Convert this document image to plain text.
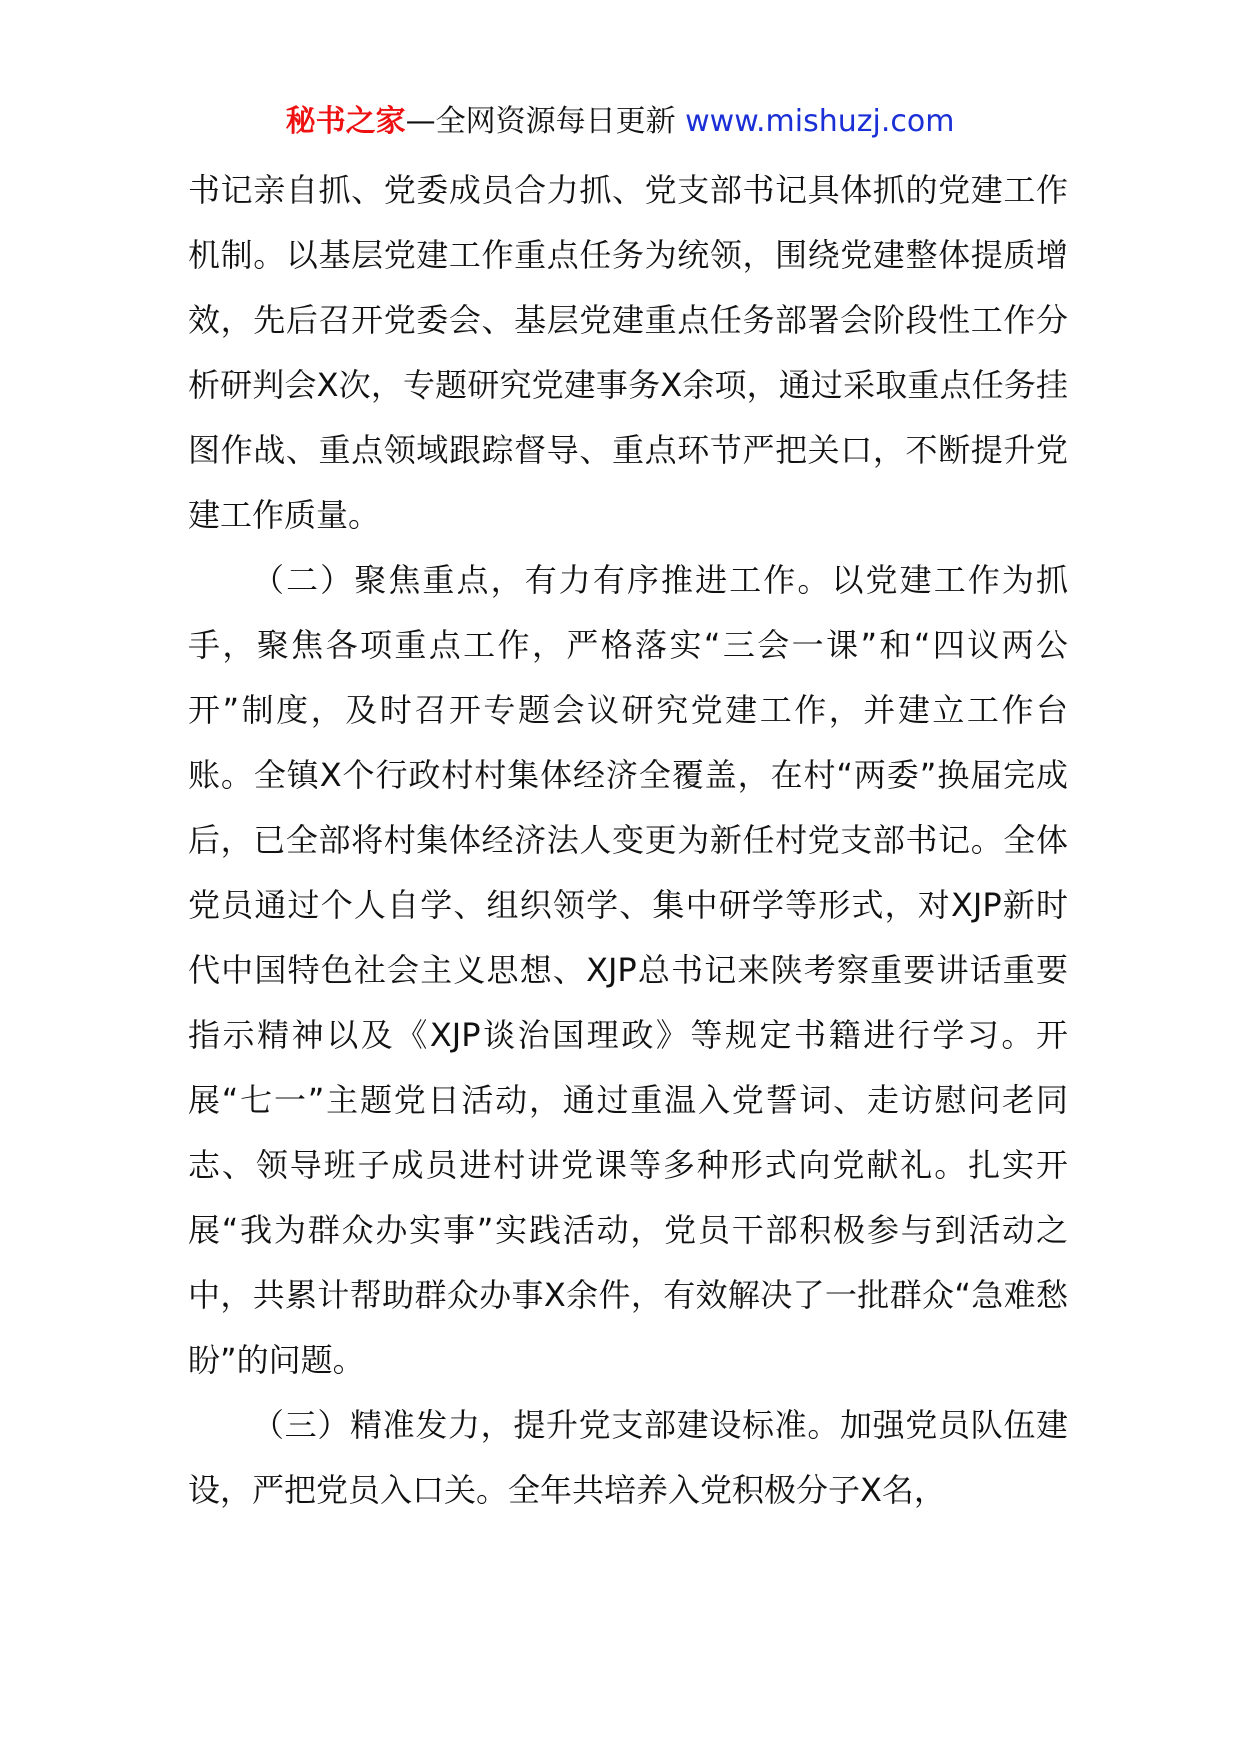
秘书之家—全网资源每日更新 www.mishuzj.com

书记亲自抓、党委成员合力抓、党支部书记具体抓的党建工作机制。以基层党建工作重点任务为统领，围绕党建整体提质增效，先后召开党委会、基层党建重点任务部署会阶段性工作分析研判会X次，专题研究党建事务X余项，通过采取重点任务挂图作战、重点领域跟踪督导、重点环节严把关口，不断提升党建工作质量。

（二）聚焦重点，有力有序推进工作。以党建工作为抓手，聚焦各项重点工作，严格落实“三会一课”和“四议两公开”制度，及时召开专题会议研究党建工作，并建立工作台账。全镇X个行政村村集体经济全覆盖，在村“两委”换届完成后，已全部将村集体经济法人变更为新任村党支部书记。全体党员通过个人自学、组织领学、集中研学等形式，对XJP新时代中国特色社会主义思想、XJP总书记来陕考察重要讲话重要指示精神以及《XJP谈治国理政》等规定书籍进行学习。开展“七一”主题党日活动，通过重温入党誓词、走访慰问老同志、领导班子成员进村讲党课等多种形式向党献礼。扎实开展“我为群众办实事”实践活动，党员干部积极参与到活动之中，共累计帮助群众办事X余件，有效解决了一批群众“急难愁盼”的问题。

（三）精准发力，提升党支部建设标准。加强党员队伍建设，严把党员入口关。全年共培养入党积极分子X名，
